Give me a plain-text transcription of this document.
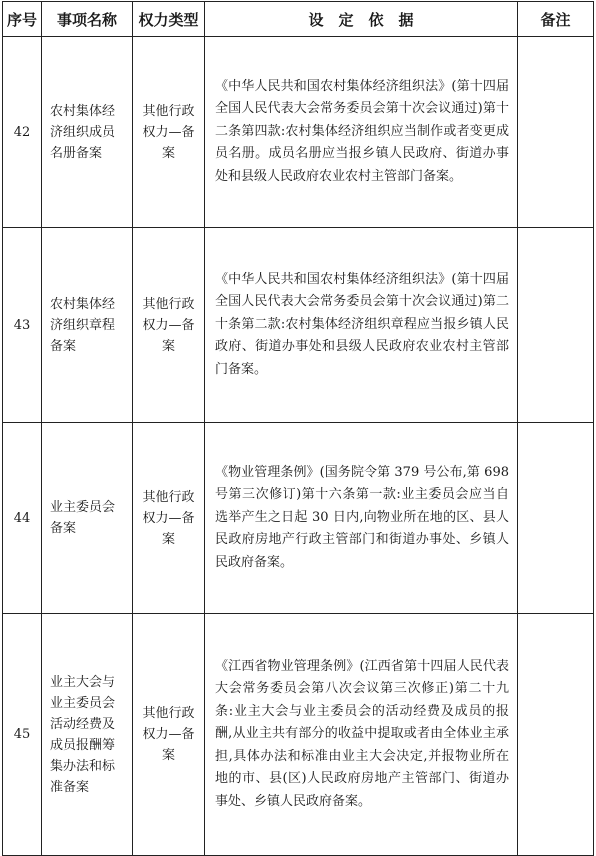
序号	事项名称	权力类型	设　定　依　据	备注
42	农村集体经济组织成员名册备案	其他行政权力—备案	《中华人民共和国农村集体经济组织法》(第十四届全国人民代表大会常务委员会第十次会议通过)第十二条第四款:农村集体经济组织应当制作或者变更成员名册。成员名册应当报乡镇人民政府、街道办事处和县级人民政府农业农村主管部门备案。	
43	农村集体经济组织章程备案	其他行政权力—备案	《中华人民共和国农村集体经济组织法》(第十四届全国人民代表大会常务委员会第十次会议通过)第二十条第二款:农村集体经济组织章程应当报乡镇人民政府、街道办事处和县级人民政府农业农村主管部门备案。	
44	业主委员会备案	其他行政权力—备案	《物业管理条例》(国务院令第 379 号公布,第 698 号第三次修订)第十六条第一款:业主委员会应当自选举产生之日起 30 日内,向物业所在地的区、县人民政府房地产行政主管部门和街道办事处、乡镇人民政府备案。	
45	业主大会与业主委员会活动经费及成员报酬筹集办法和标准备案	其他行政权力—备案	《江西省物业管理条例》(江西省第十四届人民代表大会常务委员会第八次会议第三次修正)第二十九条:业主大会与业主委员会的活动经费及成员的报酬,从业主共有部分的收益中提取或者由全体业主承担,具体办法和标准由业主大会决定,并报物业所在地的市、县(区)人民政府房地产主管部门、街道办事处、乡镇人民政府备案。	
